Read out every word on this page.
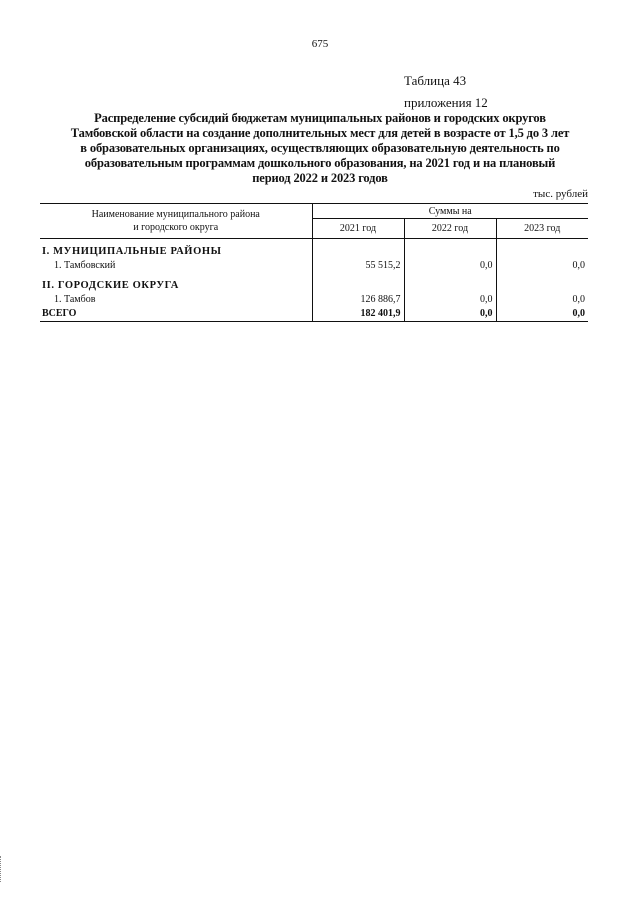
675
Таблица 43
приложения 12
Распределение субсидий бюджетам муниципальных районов и городских округов
Тамбовской области на создание дополнительных мест для детей в возрасте от 1,5 до 3 лет
в образовательных организациях, осуществляющих образовательную деятельность по
образовательным программам дошкольного образования, на 2021 год и на плановый
период 2022 и 2023 годов
тыс. рублей
Наименование муниципального района
и городского округа	Суммы на		
	2021 год	2022 год	2023 год

I. МУНИЦИПАЛЬНЫЕ РАЙОНЫ			
1. Тамбовский	55 515,2	0,0	0,0

II. ГОРОДСКИЕ ОКРУГА			
1. Тамбов	126 886,7	0,0	0,0
ВСЕГО	182 401,9	0,0	0,0
